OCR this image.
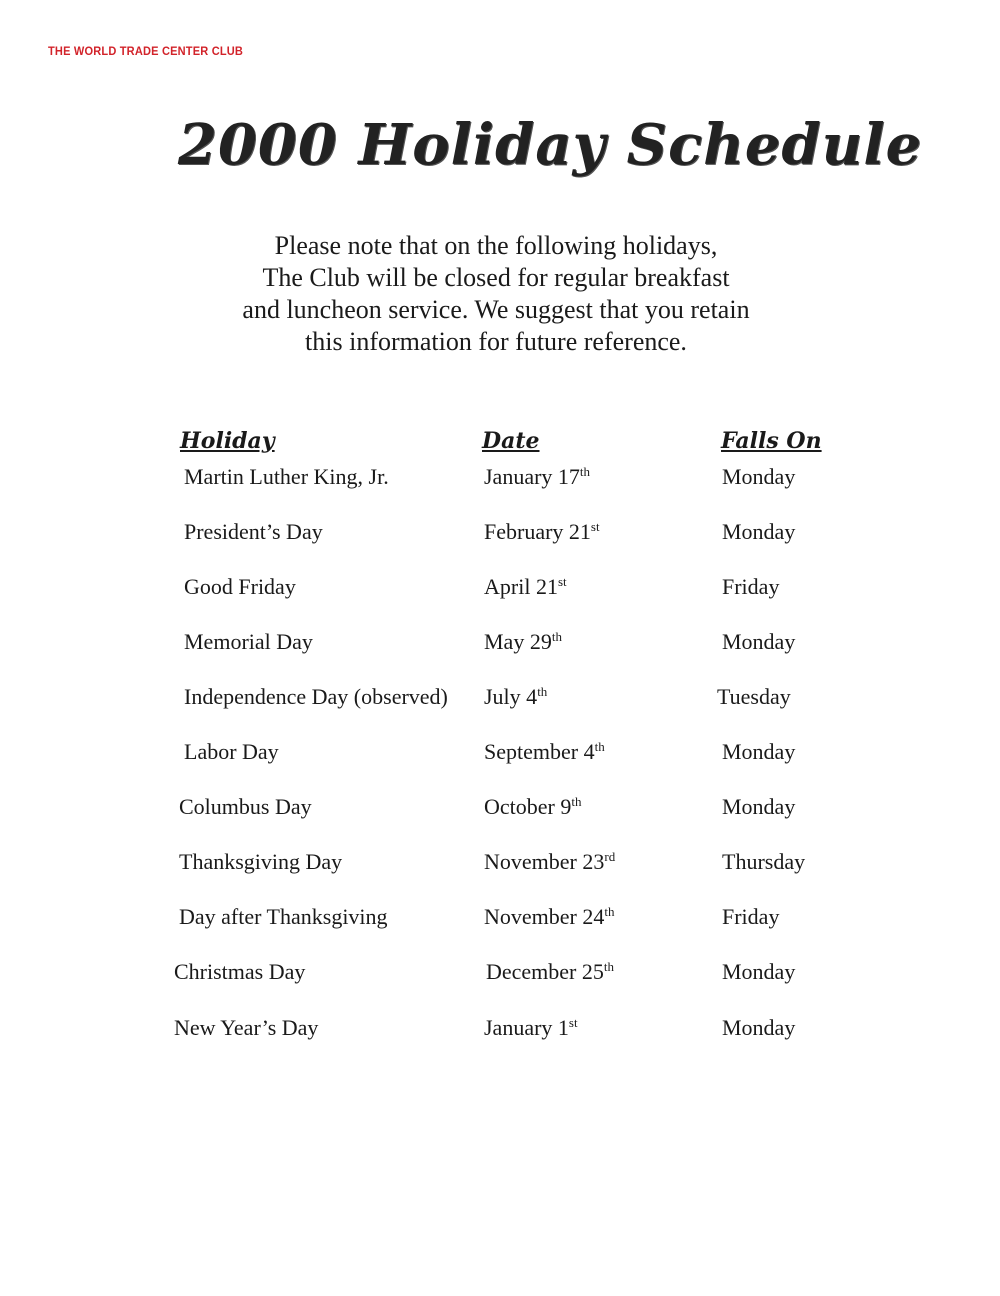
THE WORLD TRADE CENTER CLUB
2000 Holiday Schedule
Please note that on the following holidays,
The Club will be closed for regular breakfast
and luncheon service. We suggest that you retain
this information for future reference.
Holiday	Date	Falls On
Martin Luther King, Jr.	January 17th	Monday
President’s Day	February 21st	Monday
Good Friday	April 21st	Friday
Memorial Day	May 29th	Monday
Independence Day (observed) July 4th	Tuesday
Labor Day	September 4th	Monday
Columbus Day	October 9th	Monday
Thanksgiving Day	November 23rd	Thursday
Day after Thanksgiving	November 24th	Friday
Christmas Day	December 25th	Monday
New Year’s Day	January 1st	Monday
